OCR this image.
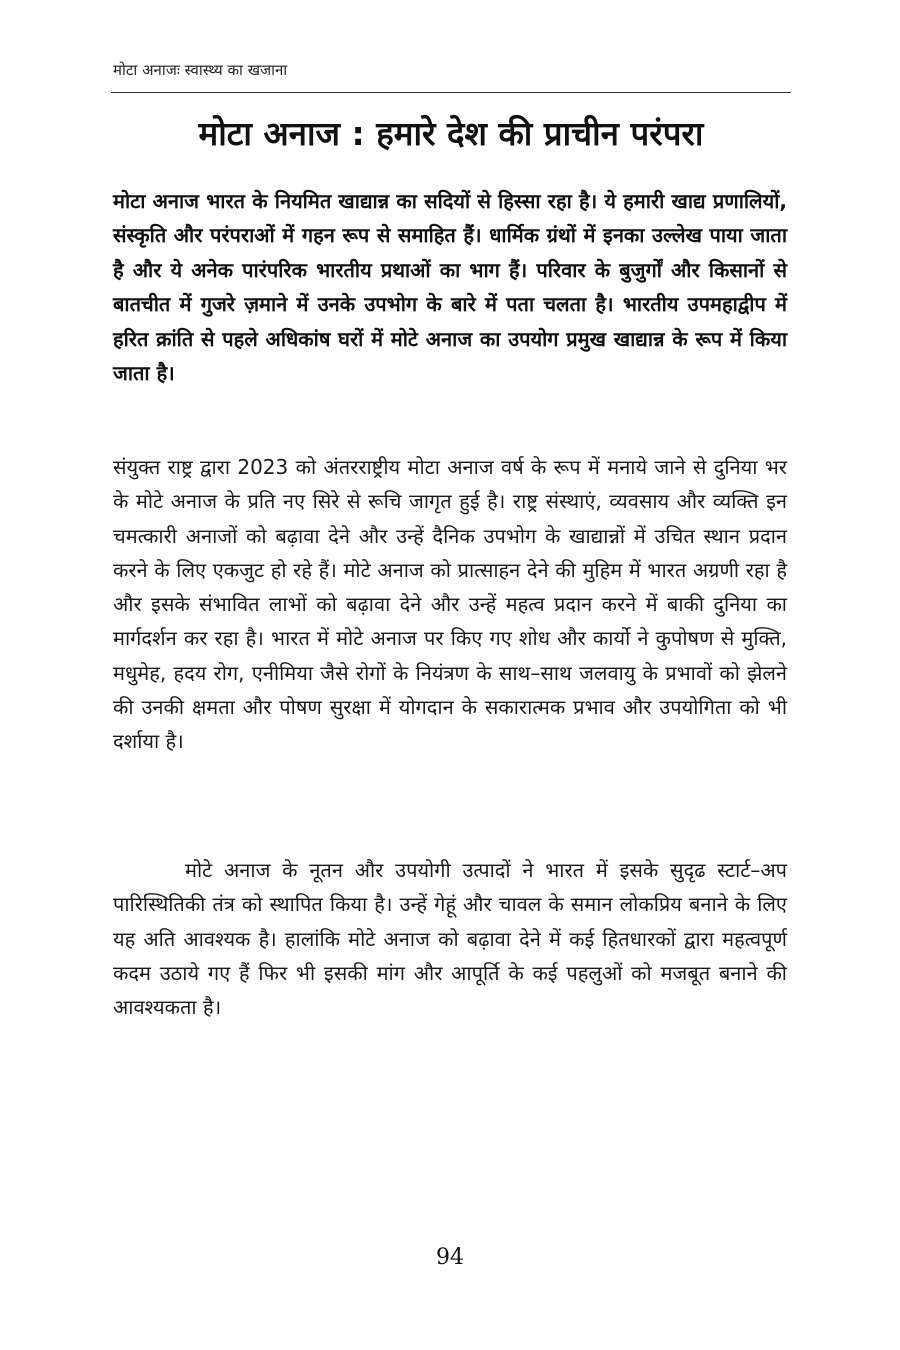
मोटा अनाजः स्वास्थ्य का खजाना
मोटा अनाज : हमारे देश की प्राचीन परंपरा

मोटा अनाज भारत के नियमित खाद्यान्न का सदियों से हिस्सा रहा है। ये हमारी खाद्य प्रणालियों, संस्कृति और परंपराओं में गहन रूप से समाहित हैं। धार्मिक ग्रंथों में इनका उल्लेख पाया जाता है और ये अनेक पारंपरिक भारतीय प्रथाओं का भाग हैं। परिवार के बुजुर्गों और किसानों से बातचीत में गुजरे ज़माने में उनके उपभोग के बारे में पता चलता है। भारतीय उपमहाद्वीप में हरित क्रांति से पहले अधिकांष घरों में मोटे अनाज का उपयोग प्रमुख खाद्यान्न के रूप में किया जाता है।

संयुक्त राष्ट्र द्वारा 2023 को अंतरराष्ट्रीय मोटा अनाज वर्ष के रूप में मनाये जाने से दुनिया भर के मोटे अनाज के प्रति नए सिरे से रूचि जागृत हुई है। राष्ट्र संस्थाएं, व्यवसाय और व्यक्ति इन चमत्कारी अनाजों को बढ़ावा देने और उन्हें दैनिक उपभोग के खाद्यान्नों में उचित स्थान प्रदान करने के लिए एकजुट हो रहे हैं। मोटे अनाज को प्रात्साहन देने की मुहिम में भारत अग्रणी रहा है और इसके संभावित लाभों को बढ़ावा देने और उन्हें महत्व प्रदान करने में बाकी दुनिया का मार्गदर्शन कर रहा है। भारत में मोटे अनाज पर किए गए शोध और कार्यो ने कुपोषण से मुक्ति, मधुमेह, हदय रोग, एनीमिया जैसे रोगों के नियंत्रण के साथ–साथ जलवायु के प्रभावों को झेलने की उनकी क्षमता और पोषण सुरक्षा में योगदान के सकारात्मक प्रभाव और उपयोगिता को भी दर्शाया है।

मोटे अनाज के नूतन और उपयोगी उत्पादों ने भारत में इसके सुदृढ स्टार्ट–अप पारिस्थितिकी तंत्र को स्थापित किया है। उन्हें गेहूं और चावल के समान लोकप्रिय बनाने के लिए यह अति आवश्यक है। हालांकि मोटे अनाज को बढ़ावा देने में कई हितधारकों द्वारा महत्वपूर्ण कदम उठाये गए हैं फिर भी इसकी मांग और आपूर्ति के कई पहलुओं को मजबूत बनाने की आवश्यकता है।

94
